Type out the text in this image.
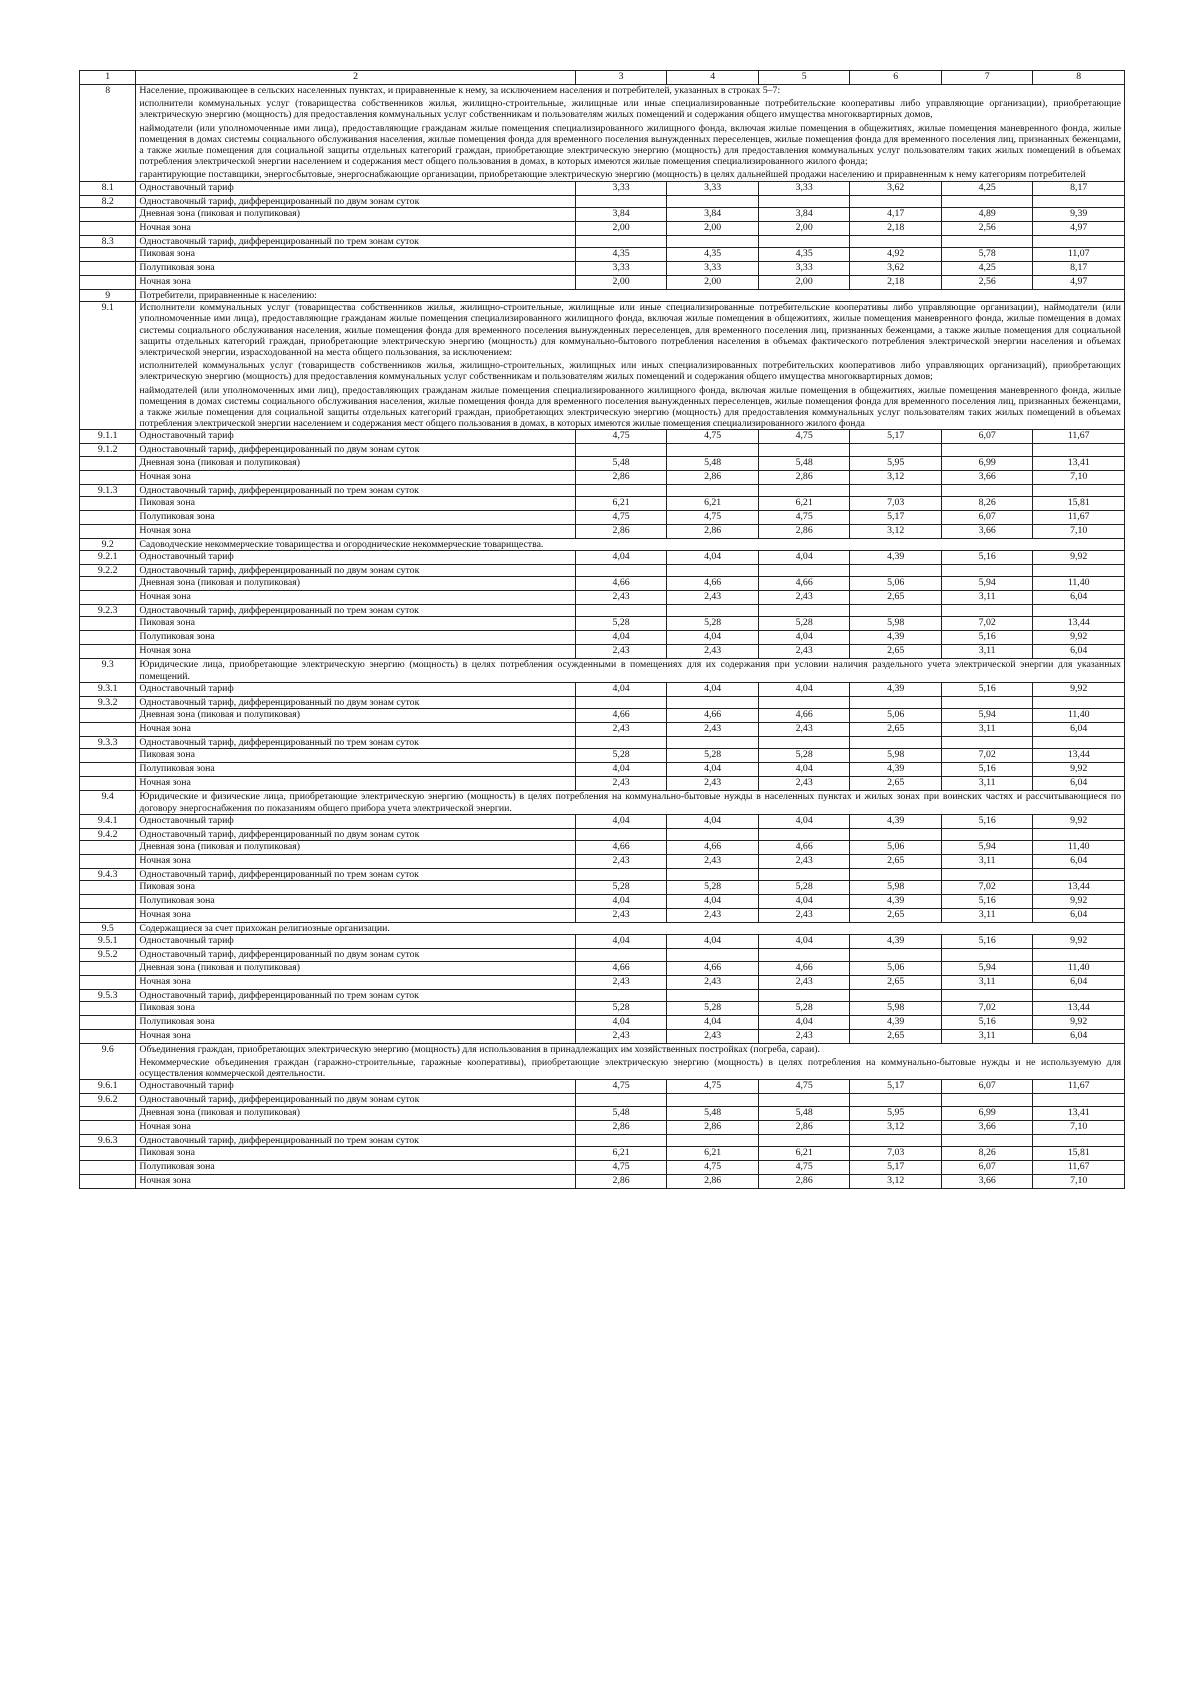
1	2	3	4	5	6	7	8
8	Население, проживающее в сельских населенных пунктах, и приравненные к нему, за исключением населения и потребителей, указанных в строках 5–7:
исполнители коммунальных услуг (товарищества собственников жилья, жилищно-строительные, жилищные или иные специализированные потребительские кооперативы либо управляющие организации), приобретающие электрическую энергию (мощность) для предоставления коммунальных услуг собственникам и пользователям жилых помещений и содержания общего имущества многоквартирных домов,
наймодатели (или уполномоченные ими лица), предоставляющие гражданам жилые помещения специализированного жилищного фонда, включая жилые помещения в общежитиях, жилые помещения маневренного фонда, жилые помещения в домах системы социального обслуживания населения, жилые помещения фонда для временного поселения вынужденных переселенцев, жилые помещения фонда для временного поселения лиц, признанных беженцами, а также жилые помещения для социальной защиты отдельных категорий граждан, приобретающие электрическую энергию (мощность) для предоставления коммунальных услуг пользователям таких жилых помещений в объемах потребления электрической энергии населением и содержания мест общего пользования в домах, в которых имеются жилые помещения специализированного жилого фонда;
гарантирующие поставщики, энергосбытовые, энергоснабжающие организации, приобретающие электрическую энергию (мощность) в целях дальнейшей продажи населению и приравненным к нему категориям потребителей						

8.1	Одноставочный тариф	3,33	3,33	3,33	3,62	4,25	8,17
8.2	Одноставочный тариф, дифференцированный по двум зонам суток						
	Дневная зона (пиковая и полупиковая)	3,84	3,84	3,84	4,17	4,89	9,39
	Ночная зона	2,00	2,00	2,00	2,18	2,56	4,97
8.3	Одноставочный тариф, дифференцированный по трем зонам суток						
	Пиковая зона	4,35	4,35	4,35	4,92	5,78	11,07
	Полупиковая зона	3,33	3,33	3,33	3,62	4,25	8,17
	Ночная зона	2,00	2,00	2,00	2,18	2,56	4,97
9	Потребители, приравненные к населению:						
9.1	Исполнители коммунальных услуг (товарищества собственников жилья, жилищно-строительные, жилищные или иные специализированные потребительские кооперативы либо управляющие организации), наймодатели (или уполномоченные ими лица), предоставляющие гражданам жилые помещения специализированного жилищного фонда, включая жилые помещения в общежитиях, жилые помещения маневренного фонда, жилые помещения в домах системы социального обслуживания населения, жилые помещения фонда для временного поселения вынужденных переселенцев, для временного поселения лиц, признанных беженцами, а также жилые помещения для социальной защиты отдельных категорий граждан, приобретающие электрическую энергию (мощность) для коммунально-бытового потребления населения в объемах фактического потребления электрической энергии населения и объемах электрической энергии, израсходованной на места общего пользования, за исключением:
исполнителей коммунальных услуг (товариществ собственников жилья, жилищно-строительных, жилищных или иных специализированных потребительских кооперативов либо управляющих организаций), приобретающих электрическую энергию (мощность) для предоставления коммунальных услуг собственникам и пользователям жилых помещений и содержания общего имущества многоквартирных домов;
наймодателей (или уполномоченных ими лиц), предоставляющих гражданам жилые помещения специализированного жилищного фонда, включая жилые помещения в общежитиях, жилые помещения маневренного фонда, жилые помещения в домах системы социального обслуживания населения, жилые помещения фонда для временного поселения вынужденных переселенцев, жилые помещения фонда для временного поселения лиц, признанных беженцами, а также жилые помещения для социальной защиты отдельных категорий граждан, приобретающих электрическую энергию (мощность) для предоставления коммунальных услуг пользователям таких жилых помещений в объемах потребления электрической энергии населением и содержания мест общего пользования в домах, в которых имеются жилые помещения специализированного жилого фонда						

9.1.1	Одноставочный тариф	4,75	4,75	4,75	5,17	6,07	11,67
9.1.2	Одноставочный тариф, дифференцированный по двум зонам суток						
	Дневная зона (пиковая и полупиковая)	5,48	5,48	5,48	5,95	6,99	13,41
	Ночная зона	2,86	2,86	2,86	3,12	3,66	7,10
9.1.3	Одноставочный тариф, дифференцированный по трем зонам суток						
	Пиковая зона	6,21	6,21	6,21	7,03	8,26	15,81
	Полупиковая зона	4,75	4,75	4,75	5,17	6,07	11,67
	Ночная зона	2,86	2,86	2,86	3,12	3,66	7,10
9.2	Садоводческие некоммерческие товарищества и огороднические некоммерческие товарищества.						
9.2.1	Одноставочный тариф	4,04	4,04	4,04	4,39	5,16	9,92
9.2.2	Одноставочный тариф, дифференцированный по двум зонам суток						
	Дневная зона (пиковая и полупиковая)	4,66	4,66	4,66	5,06	5,94	11,40
	Ночная зона	2,43	2,43	2,43	2,65	3,11	6,04
9.2.3	Одноставочный тариф, дифференцированный по трем зонам суток						
	Пиковая зона	5,28	5,28	5,28	5,98	7,02	13,44
	Полупиковая зона	4,04	4,04	4,04	4,39	5,16	9,92
	Ночная зона	2,43	2,43	2,43	2,65	3,11	6,04
9.3	Юридические лица, приобретающие электрическую энергию (мощность) в целях потребления осужденными в помещениях для их содержания при условии наличия раздельного учета электрической энергии для указанных помещений.						
9.3.1	Одноставочный тариф	4,04	4,04	4,04	4,39	5,16	9,92
9.3.2	Одноставочный тариф, дифференцированный по двум зонам суток						
	Дневная зона (пиковая и полупиковая)	4,66	4,66	4,66	5,06	5,94	11,40
	Ночная зона	2,43	2,43	2,43	2,65	3,11	6,04
9.3.3	Одноставочный тариф, дифференцированный по трем зонам суток						
	Пиковая зона	5,28	5,28	5,28	5,98	7,02	13,44
	Полупиковая зона	4,04	4,04	4,04	4,39	5,16	9,92
	Ночная зона	2,43	2,43	2,43	2,65	3,11	6,04
9.4	Юридические и физические лица, приобретающие электрическую энергию (мощность) в целях потребления на коммунально-бытовые нужды в населенных пунктах и жилых зонах при воинских частях и рассчитывающиеся по договору энергоснабжения по показаниям общего прибора учета электрической энергии.						
9.4.1	Одноставочный тариф	4,04	4,04	4,04	4,39	5,16	9,92
9.4.2	Одноставочный тариф, дифференцированный по двум зонам суток						
	Дневная зона (пиковая и полупиковая)	4,66	4,66	4,66	5,06	5,94	11,40
	Ночная зона	2,43	2,43	2,43	2,65	3,11	6,04
9.4.3	Одноставочный тариф, дифференцированный по трем зонам суток						
	Пиковая зона	5,28	5,28	5,28	5,98	7,02	13,44
	Полупиковая зона	4,04	4,04	4,04	4,39	5,16	9,92
	Ночная зона	2,43	2,43	2,43	2,65	3,11	6,04
9.5	Содержащиеся за счет прихожан религиозные организации.						
9.5.1	Одноставочный тариф	4,04	4,04	4,04	4,39	5,16	9,92
9.5.2	Одноставочный тариф, дифференцированный по двум зонам суток						
	Дневная зона (пиковая и полупиковая)	4,66	4,66	4,66	5,06	5,94	11,40
	Ночная зона	2,43	2,43	2,43	2,65	3,11	6,04
9.5.3	Одноставочный тариф, дифференцированный по трем зонам суток						
	Пиковая зона	5,28	5,28	5,28	5,98	7,02	13,44
	Полупиковая зона	4,04	4,04	4,04	4,39	5,16	9,92
	Ночная зона	2,43	2,43	2,43	2,65	3,11	6,04
9.6	Объединения граждан, приобретающих электрическую энергию (мощность) для использования в принадлежащих им хозяйственных постройках (погреба, сараи).
Некоммерческие объединения граждан (гаражно-строительные, гаражные кооперативы), приобретающие электрическую энергию (мощность) в целях потребления на коммунально-бытовые нужды и не используемую для осуществления коммерческой деятельности.						

9.6.1	Одноставочный тариф	4,75	4,75	4,75	5,17	6,07	11,67
9.6.2	Одноставочный тариф, дифференцированный по двум зонам суток						
	Дневная зона (пиковая и полупиковая)	5,48	5,48	5,48	5,95	6,99	13,41
	Ночная зона	2,86	2,86	2,86	3,12	3,66	7,10
9.6.3	Одноставочный тариф, дифференцированный по трем зонам суток						
	Пиковая зона	6,21	6,21	6,21	7,03	8,26	15,81
	Полупиковая зона	4,75	4,75	4,75	5,17	6,07	11,67
	Ночная зона	2,86	2,86	2,86	3,12	3,66	7,10
